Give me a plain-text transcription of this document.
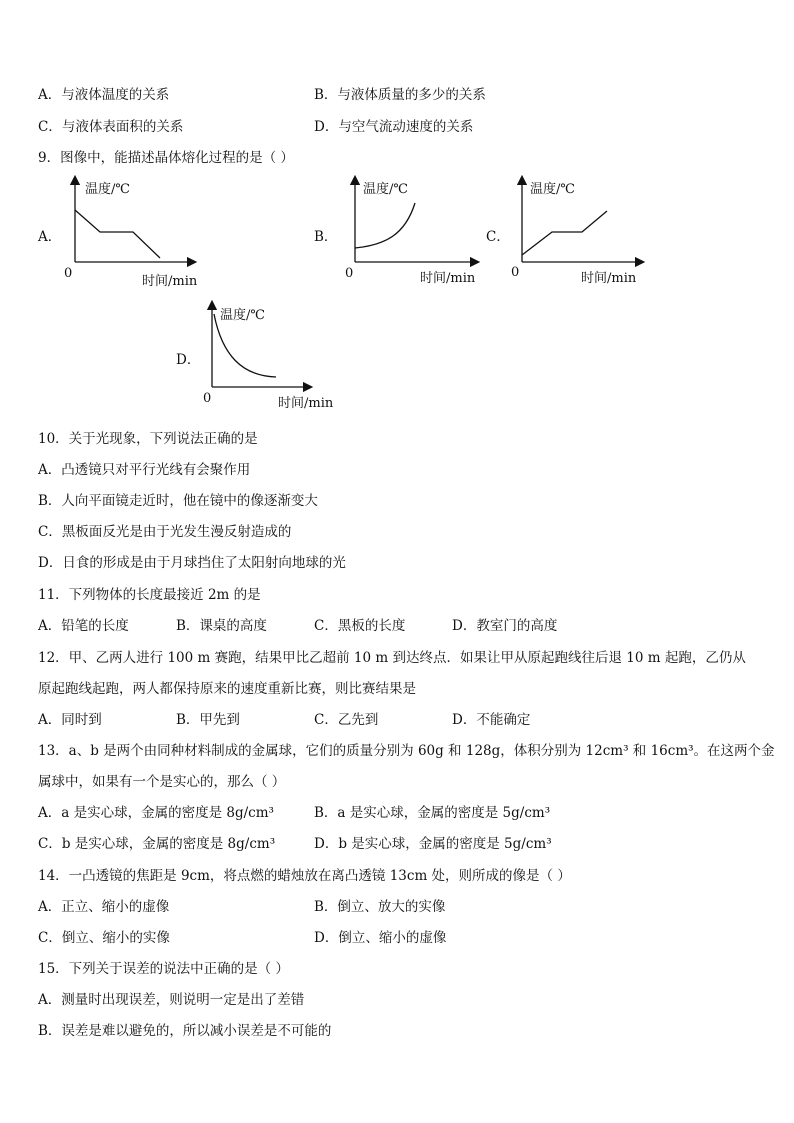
A．与液体温度的关系	B．与液体质量的多少的关系
C．与液体表面积的关系	D．与空气流动速度的关系
9．图像中，能描述晶体熔化过程的是（ ）
A．
温度/℃
0
时间/min
B．
温度/℃
0	时间/min
C．
温度/℃
0	时间/min
D．
温度/℃
0	时间/min
10．关于光现象，下列说法正确的是
A．凸透镜只对平行光线有会聚作用
B．人向平面镜走近时，他在镜中的像逐渐变大
C．黑板面反光是由于光发生漫反射造成的
D．日食的形成是由于月球挡住了太阳射向地球的光
11．下列物体的长度最接近 2m 的是
A．铅笔的长度	B．课桌的高度	C．黑板的长度	D．教室门的高度
12．甲、乙两人进行 100 m 赛跑，结果甲比乙超前 10 m 到达终点．如果让甲从原起跑线往后退 10 m 起跑，乙仍从
原起跑线起跑，两人都保持原来的速度重新比赛，则比赛结果是
A．同时到	B．甲先到	C．乙先到	D．不能确定
13．a、b 是两个由同种材料制成的金属球，它们的质量分别为 60g 和 128g，体积分别为 12cm³ 和 16cm³。在这两个金
属球中，如果有一个是实心的，那么（ ）
A．a 是实心球，金属的密度是 8g/cm³	B．a 是实心球，金属的密度是 5g/cm³
C．b 是实心球，金属的密度是 8g/cm³	D．b 是实心球，金属的密度是 5g/cm³
14．一凸透镜的焦距是 9cm，将点燃的蜡烛放在离凸透镜 13cm 处，则所成的像是（ ）
A．正立、缩小的虚像	B．倒立、放大的实像
C．倒立、缩小的实像	D．倒立、缩小的虚像
15．下列关于误差的说法中正确的是（ ）
A．测量时出现误差，则说明一定是出了差错
B．误差是难以避免的，所以减小误差是不可能的
